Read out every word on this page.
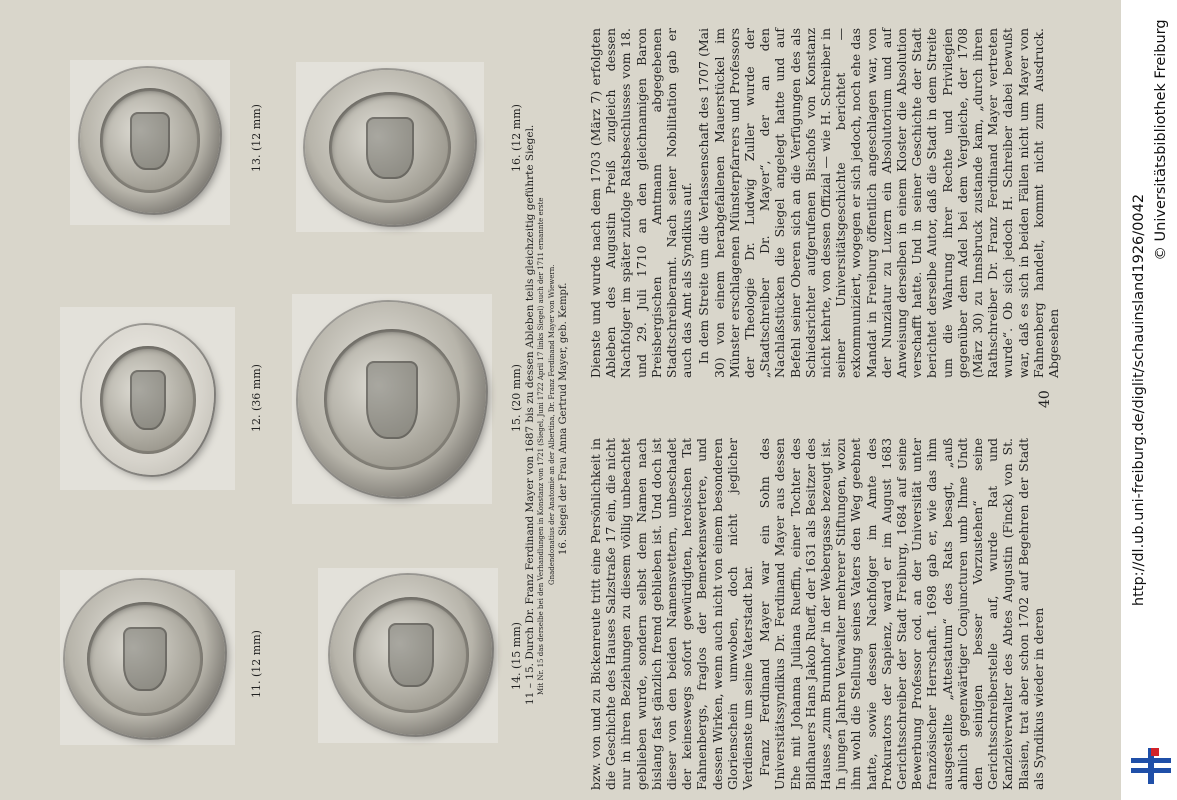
11. (12 mm)
12. (36 mm)
13. (12 mm)
14. (15 mm)
15. (20 mm)
16. (12 mm) 11 – 15. Durch Dr. Franz Ferdinand Mayer von 1687 bis zu dessen Ableben teils gleichzeitig geführte Siegel. Mit Nr. 15 das derselbe bei den Verhandlungen in Konstanz von 1721 (Siegel, Juni 1722 April 17 links Siegel) auch der 1711 ernannte erste Gnadendonatius der Anatomie an der Albertina, Dr. Franz Ferdinand Mayer von Wiewern. 16. Siegel der Frau Anna Gertrud Mayer, geb. Kempf.

bzw. von und zu Bickenreute tritt eine Persönlichkeit in die Geschichte des Hauses Salzstraße 17 ein, die nicht nur in ihren Beziehungen zu diesem völlig unbeachtet geblieben wurde, sondern selbst dem Namen nach bislang fast gänzlich fremd geblieben ist. Und doch ist dieser von den beiden Namensvettern, unbeschadet der keineswegs sofort gewürdigten, heroischen Tat Fahnenbergs, fraglos der Bemerkenswertere, und dessen Wirken, wenn auch nicht von einem besonderen Glorienschein umwoben, doch nicht jeglicher Verdienste um seine Vaterstadt bar. Franz Ferdinand Mayer war ein Sohn des Universitätssyndikus Dr. Ferdinand Mayer aus dessen Ehe mit Johanna Juliana Rueffin, einer Tochter des Bildhauers Hans Jakob Rueff, der 1631 als Besitzer des Hauses „zum Brunnhof“ in der Webergasse bezeugt ist. In jungen Jahren Verwalter mehrerer Stiftungen, wozu ihm wohl die Stellung seines Vaters den Weg geebnet hatte, sowie dessen Nachfolger im Amte des Prokurators der Sapienz, ward er im August 1683 Gerichtsschreiber der Stadt Freiburg, 1684 auf seine Bewerbung Professor cod. an der Universität unter französischer Herrschaft. 1698 gab er, wie das ihm ausgestellte „Attestatum“ des Rats besagt, „auß ahnlich gegenwärtiger Conjuncturen umb Ihme Undt den seinigen besser Vorzustehen“ seine Gerichtsschreiberstelle auf, wurde Rat und Kanzleiverwalter des Abtes Augustin (Finck) von St. Blasien, trat aber schon 1702 auf Begehren der Stadt als Syndikus wieder in deren

Dienste und wurde nach dem 1703 (März 7) erfolgten Ableben des Augustin Preiß zugleich dessen Nachfolger im später zufolge Ratsbeschlusses vom 18. und 29. Juli 1710 an den gleichnamigen Baron Preisbergischen Amtmann abgegebenen Stadtschreiberamt. Nach seiner Nobilitation gab er auch das Amt als Syndikus auf. In dem Streite um die Verlassenschaft des 1707 (Mai 30) von einem herabgefallenen Mauerstückel im Münster erschlagenen Münsterpfarrers und Professors der Theologie Dr. Ludwig Zuller wurde der „Stadtschreiber Dr. Mayer“, der an den Nachlaßstücken die Siegel angelegt hatte und auf Befehl seiner Oberen sich an die Verfügungen des als Schiedsrichter aufgerufenen Bischofs von Konstanz nicht kehrte, von dessen Offizial — wie H. Schreiber in seiner Universitätsgeschichte berichtet — exkommuniziert, wogegen er sich jedoch, noch ehe das Mandat in Freiburg öffentlich angeschlagen war, von der Nunziatur zu Luzern ein Absolutorium und auf Anweisung derselben in einem Kloster die Absolution verschafft hatte. Und in seiner Geschichte der Stadt berichtet derselbe Autor, daß die Stadt in dem Streite um die Wahrung ihrer Rechte und Privilegien gegenüber dem Adel bei dem Vergleiche, der 1708 (März 30) zu Innsbruck zustande kam, „durch ihren Rathschreiber Dr. Franz Ferdinand Mayer vertreten wurde“. Ob sich jedoch H. Schreiber dabei bewußt war, daß es sich in beiden Fällen nicht um Mayer von Fahnenberg handelt, kommt nicht zum Ausdruck. Abgesehen

40	http://dl.ub.uni-freiburg.de/diglit/schauinsland1926/0042
© Universitätsbibliothek Freiburg
